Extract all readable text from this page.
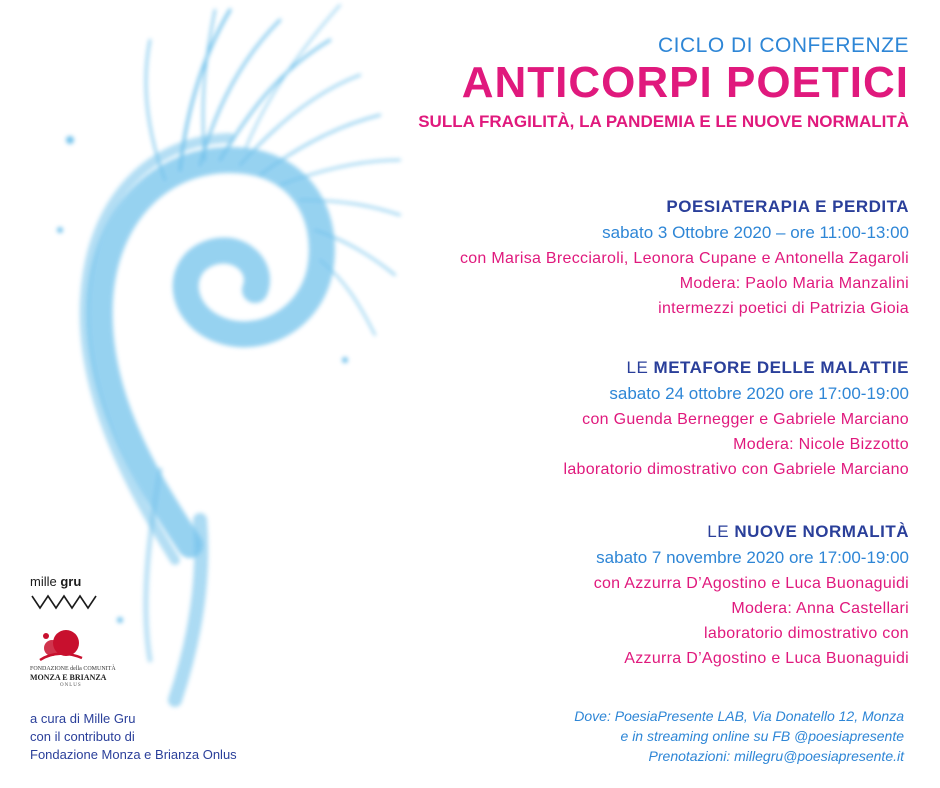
CICLO DI CONFERENZE
ANTICORPI POETICI
SULLA FRAGILITÀ, LA PANDEMIA E LE NUOVE NORMALITÀ
POESIATERAPIA E PERDITA
sabato 3 Ottobre 2020 – ore 11:00-13:00
con Marisa Brecciaroli, Leonora Cupane e Antonella Zagaroli
Modera: Paolo Maria Manzalini
intermezzi poetici di Patrizia Gioia
LE METAFORE DELLE MALATTIE
sabato 24 ottobre 2020 ore 17:00-19:00
con Guenda Bernegger e Gabriele Marciano
Modera: Nicole Bizzotto
laboratorio dimostrativo con Gabriele Marciano
LE NUOVE NORMALITÀ
sabato 7 novembre 2020 ore 17:00-19:00
con Azzurra D’Agostino e Luca Buonaguidi
Modera: Anna Castellari
laboratorio dimostrativo con
Azzurra D’Agostino e Luca Buonaguidi
mille gru
FONDAZIONE della COMUNITÀ
MONZA E BRIANZA
ONLUS
a cura di Mille Gru
con il contributo di
Fondazione Monza e Brianza Onlus
Dove: PoesiaPresente LAB, Via Donatello 12, Monza
e in streaming online su FB @poesiapresente
Prenotazioni: millegru@poesiapresente.it
